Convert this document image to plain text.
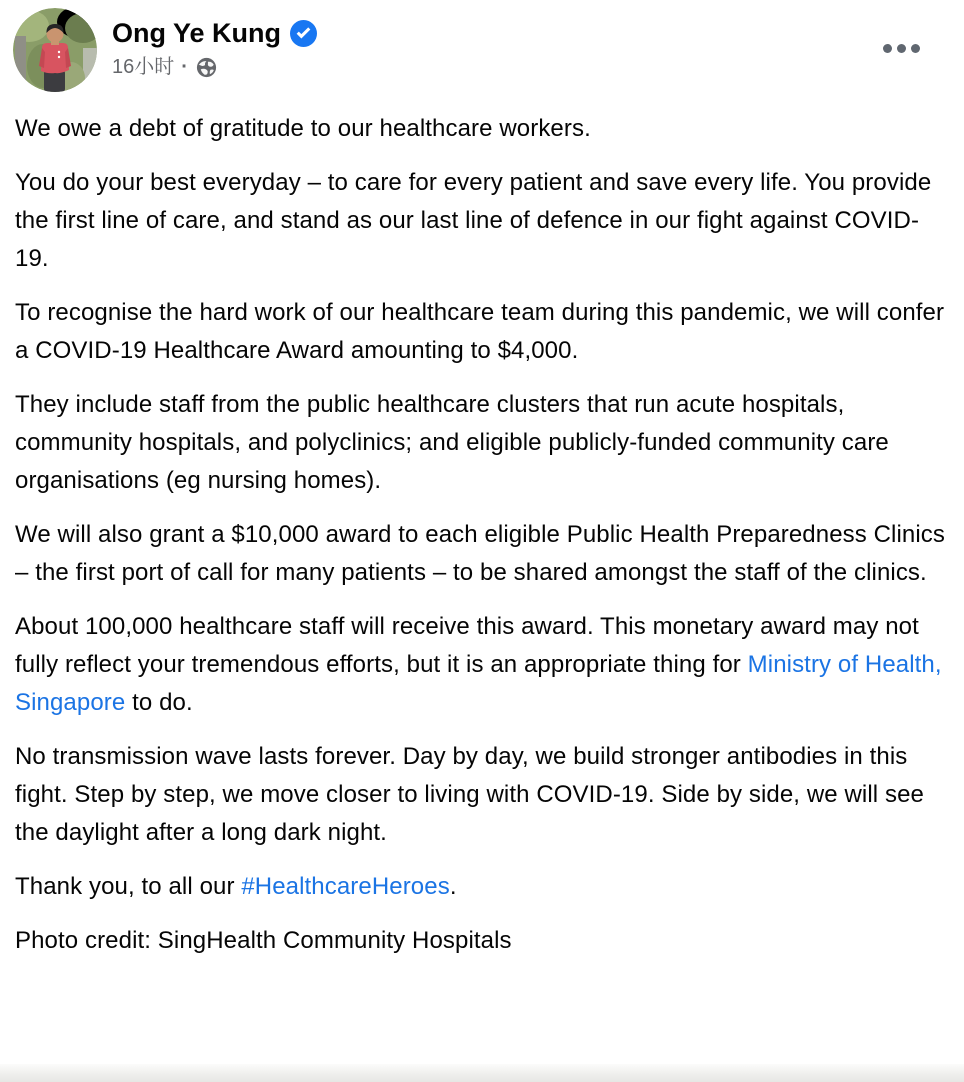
Ong Ye Kung
16小时 ·

We owe a debt of gratitude to our healthcare workers.

You do your best everyday – to care for every patient and save every life. You provide the first line of care, and stand as our last line of defence in our fight against COVID-19.

To recognise the hard work of our healthcare team during this pandemic, we will confer a COVID-19 Healthcare Award amounting to $4,000.

They include staff from the public healthcare clusters that run acute hospitals, community hospitals, and polyclinics; and eligible publicly-funded community care organisations (eg nursing homes).

We will also grant a $10,000 award to each eligible Public Health Preparedness Clinics – the first port of call for many patients – to be shared amongst the staff of the clinics.

About 100,000 healthcare staff will receive this award. This monetary award may not fully reflect your tremendous efforts, but it is an appropriate thing for Ministry of Health, Singapore to do.

No transmission wave lasts forever. Day by day, we build stronger antibodies in this fight. Step by step, we move closer to living with COVID-19. Side by side, we will see the daylight after a long dark night.

Thank you, to all our #HealthcareHeroes.

Photo credit: SingHealth Community Hospitals
